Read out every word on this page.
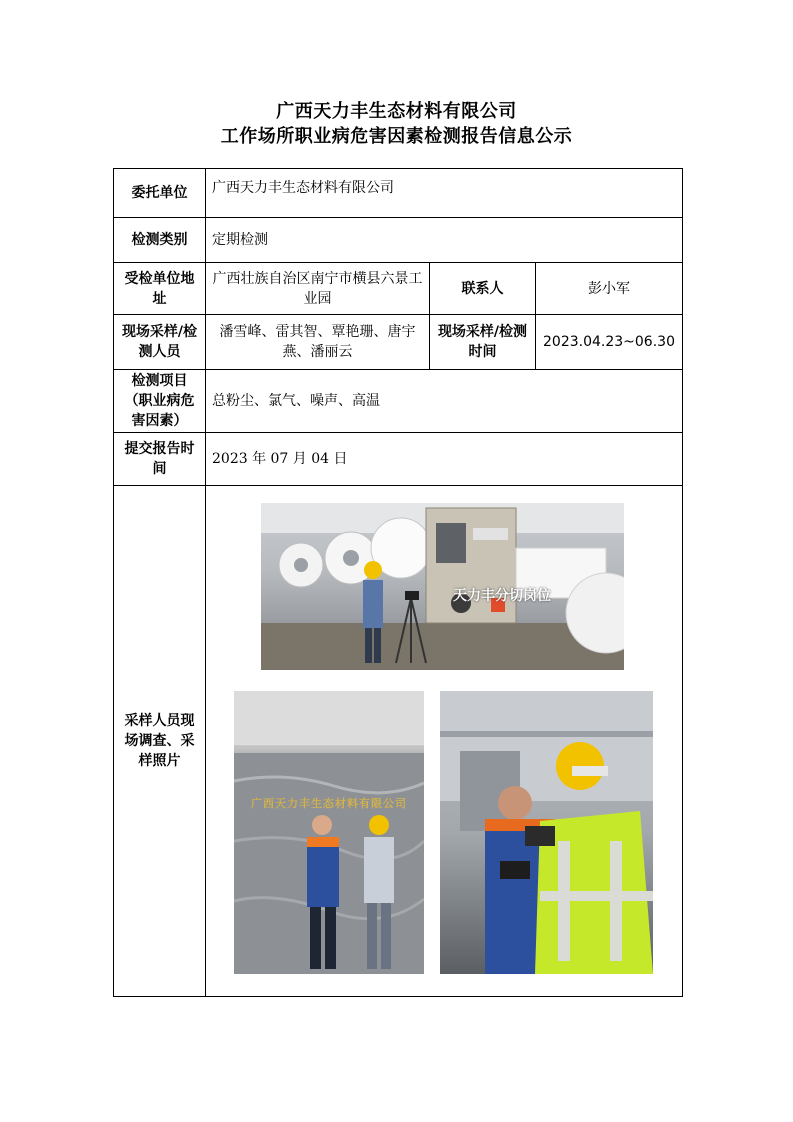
广西天力丰生态材料有限公司
工作场所职业病危害因素检测报告信息公示
委托单位	广西天力丰生态材料有限公司		
检测类别	定期检测		
受检单位地址	广西壮族自治区南宁市横县六景工业园	联系人	彭小军
现场采样/检测人员	潘雪峰、雷其智、覃艳珊、唐宇燕、潘丽云	现场采样/检测时间	2023.04.23~06.30
检测项目（职业病危害因素）	总粉尘、氯气、噪声、高温		
提交报告时间	2023 年 07 月 04 日		
采样人员现场调查、采样照片	天力丰分切岗位
广西天力丰生态材料有限公司		
